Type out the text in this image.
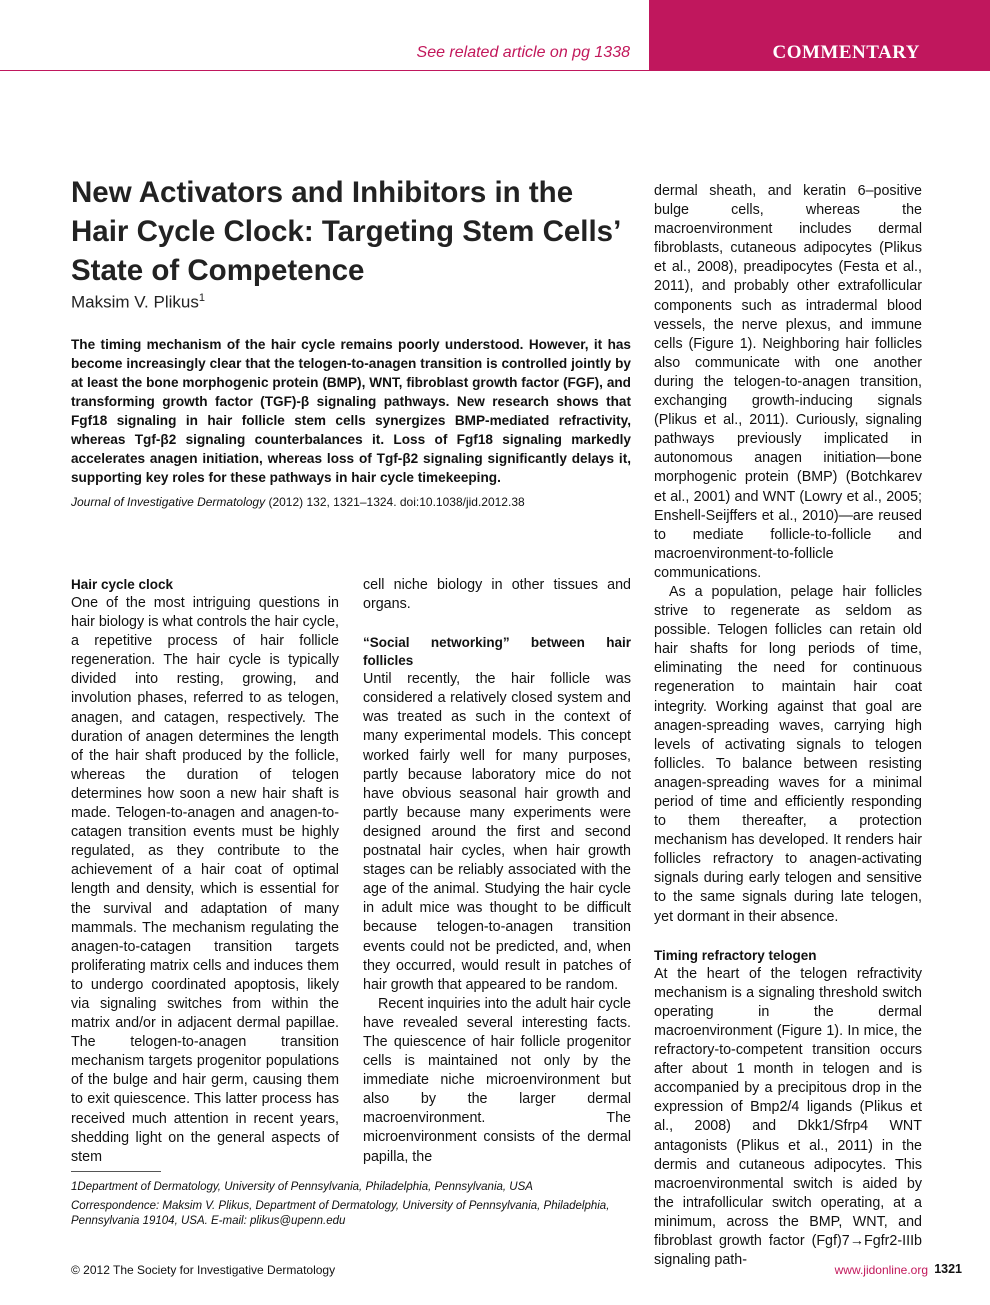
See related article on pg 1338	COMMENTARY
New Activators and Inhibitors in the Hair Cycle Clock: Targeting Stem Cells’ State of Competence
Maksim V. Plikus$^1$

The timing mechanism of the hair cycle remains poorly understood. However, it has become increasingly clear that the telogen-to-anagen transition is controlled jointly by at least the bone morphogenic protein (BMP), WNT, fibroblast growth factor (FGF), and transforming growth factor (TGF)-β signaling pathways. New research shows that Fgf18 signaling in hair follicle stem cells synergizes BMP-mediated refractivity, whereas Tgf-β2 signaling counterbalances it. Loss of Fgf18 signaling markedly accelerates anagen initiation, whereas loss of Tgf-β2 signaling significantly delays it, supporting key roles for these pathways in hair cycle timekeeping.

Journal of Investigative Dermatology (2012) 132, 1321–1324. doi:10.1038/jid.2012.38
Hair cycle clock

One of the most intriguing questions in hair biology is what controls the hair cycle, a repetitive process of hair follicle regeneration. The hair cycle is typically divided into resting, growing, and involution phases, referred to as telogen, anagen, and catagen, respectively. The duration of anagen determines the length of the hair shaft produced by the follicle, whereas the duration of telogen determines how soon a new hair shaft is made. Telogen-to-anagen and anagen-to-catagen transition events must be highly regulated, as they contribute to the achievement of a hair coat of optimal length and density, which is essential for the survival and adaptation of many mammals. The mechanism regulating the anagen-to-catagen transition targets proliferating matrix cells and induces them to undergo coordinated apoptosis, likely via signaling switches from within the matrix and/or in adjacent dermal papillae. The telogen-to-anagen transition mechanism targets progenitor populations of the bulge and hair germ, causing them to exit quiescence. This latter process has received much attention in recent years, shedding light on the general aspects of stem

cell niche biology in other tissues and organs.

“Social networking” between hair follicles

Until recently, the hair follicle was considered a relatively closed system and was treated as such in the context of many experimental models. This concept worked fairly well for many purposes, partly because laboratory mice do not have obvious seasonal hair growth and partly because many experiments were designed around the first and second postnatal hair cycles, when hair growth stages can be reliably associated with the age of the animal. Studying the hair cycle in adult mice was thought to be difficult because telogen-to-anagen transition events could not be predicted, and, when they occurred, would result in patches of hair growth that appeared to be random.

Recent inquiries into the adult hair cycle have revealed several interesting facts. The quiescence of hair follicle progenitor cells is maintained not only by the immediate niche microenvironment but also by the larger dermal macroenvironment. The microenvironment consists of the dermal papilla, the

dermal sheath, and keratin 6–positive bulge cells, whereas the macroenvironment includes dermal fibroblasts, cutaneous adipocytes (Plikus et al., 2008), preadipocytes (Festa et al., 2011), and probably other extrafollicular components such as intradermal blood vessels, the nerve plexus, and immune cells (Figure 1). Neighboring hair follicles also communicate with one another during the telogen-to-anagen transition, exchanging growth-inducing signals (Plikus et al., 2011). Curiously, signaling pathways previously implicated in autonomous anagen initiation—bone morphogenic protein (BMP) (Botchkarev et al., 2001) and WNT (Lowry et al., 2005; Enshell-Seijffers et al., 2010)—are reused to mediate follicle-to-follicle and macroenvironment-to-follicle communications.

As a population, pelage hair follicles strive to regenerate as seldom as possible. Telogen follicles can retain old hair shafts for long periods of time, eliminating the need for continuous regeneration to maintain hair coat integrity. Working against that goal are anagen-spreading waves, carrying high levels of activating signals to telogen follicles. To balance between resisting anagen-spreading waves for a minimal period of time and efficiently responding to them thereafter, a protection mechanism has developed. It renders hair follicles refractory to anagen-activating signals during early telogen and sensitive to the same signals during late telogen, yet dormant in their absence.

Timing refractory telogen

At the heart of the telogen refractivity mechanism is a signaling threshold switch operating in the dermal macroenvironment (Figure 1). In mice, the refractory-to-competent transition occurs after about 1 month in telogen and is accompanied by a precipitous drop in the expression of Bmp2/4 ligands (Plikus et al., 2008) and Dkk1/Sfrp4 WNT antagonists (Plikus et al., 2011) in the dermis and cutaneous adipocytes. This macroenvironmental switch is aided by the intrafollicular switch operating, at a minimum, across the BMP, WNT, and fibroblast growth factor (Fgf)7→Fgfr2-IIIb signaling path-

1Department of Dermatology, University of Pennsylvania, Philadelphia, Pennsylvania, USA

Correspondence: Maksim V. Plikus, Department of Dermatology, University of Pennsylvania, Philadelphia, Pennsylvania 19104, USA. E-mail: plikus@upenn.edu

© 2012 The Society for Investigative Dermatology	www.jidonline.org 1321
